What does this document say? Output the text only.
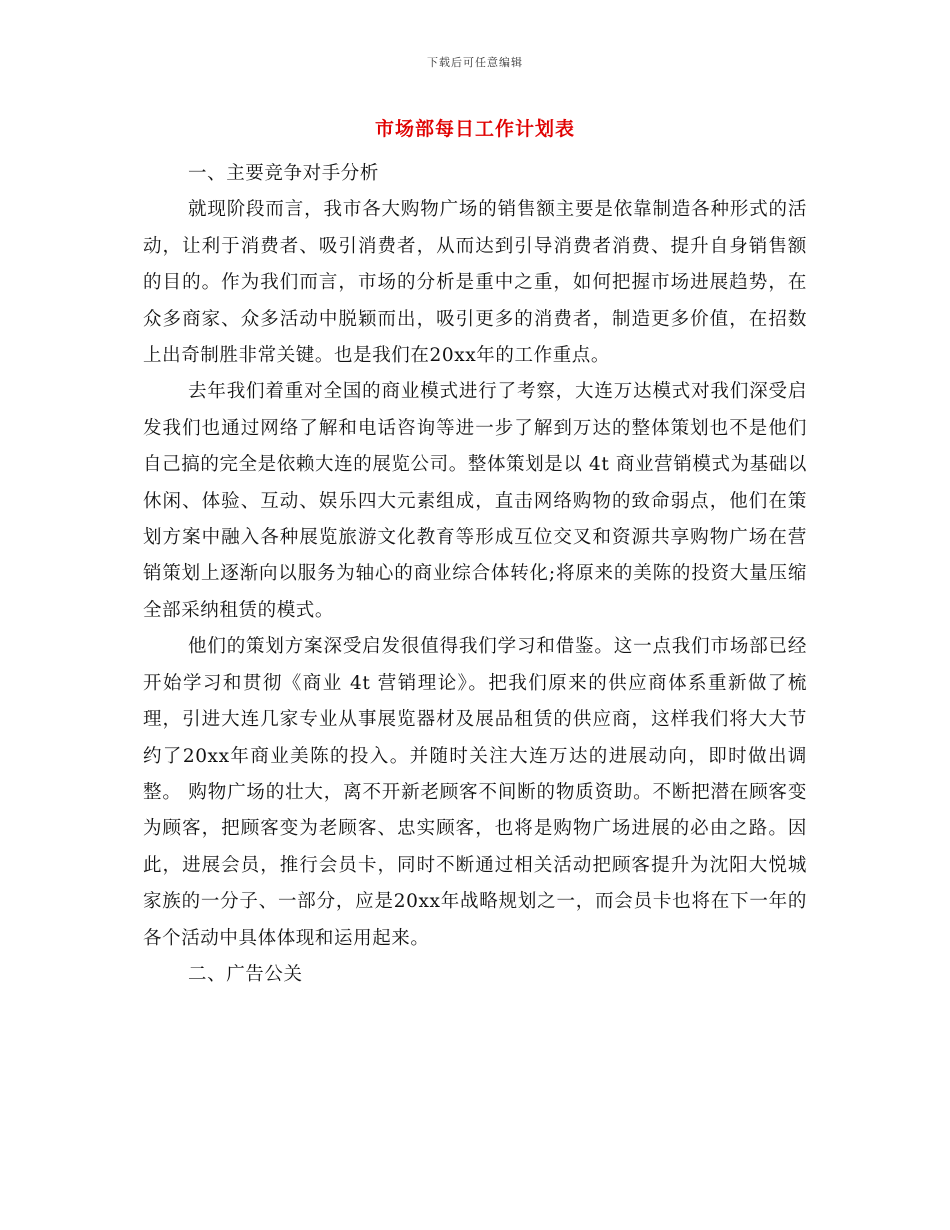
下载后可任意编辑
市场部每日工作计划表

一、主要竞争对手分析

就现阶段而言，我市各大购物广场的销售额主要是依靠制造各种形式的活动，让利于消费者、吸引消费者，从而达到引导消费者消费、提升自身销售额的目的。作为我们而言，市场的分析是重中之重，如何把握市场进展趋势，在众多商家、众多活动中脱颖而出，吸引更多的消费者，制造更多价值，在招数上出奇制胜非常关键。也是我们在20xx年的工作重点。

去年我们着重对全国的商业模式进行了考察，大连万达模式对我们深受启发我们也通过网络了解和电话咨询等进一步了解到万达的整体策划也不是他们自己搞的完全是依赖大连的展览公司。整体策划是以 4t 商业营销模式为基础以休闲、体验、互动、娱乐四大元素组成，直击网络购物的致命弱点，他们在策划方案中融入各种展览旅游文化教育等形成互位交叉和资源共享购物广场在营销策划上逐渐向以服务为轴心的商业综合体转化;将原来的美陈的投资大量压缩全部采纳租赁的模式。

他们的策划方案深受启发很值得我们学习和借鉴。这一点我们市场部已经开始学习和贯彻《商业 4t 营销理论》。把我们原来的供应商体系重新做了梳理，引进大连几家专业从事展览器材及展品租赁的供应商，这样我们将大大节约了20xx年商业美陈的投入。并随时关注大连万达的进展动向，即时做出调整。 购物广场的壮大，离不开新老顾客不间断的物质资助。不断把潜在顾客变为顾客，把顾客变为老顾客、忠实顾客，也将是购物广场进展的必由之路。因此，进展会员，推行会员卡，同时不断通过相关活动把顾客提升为沈阳大悦城家族的一分子、一部分，应是20xx年战略规划之一，而会员卡也将在下一年的各个活动中具体体现和运用起来。

二、广告公关
